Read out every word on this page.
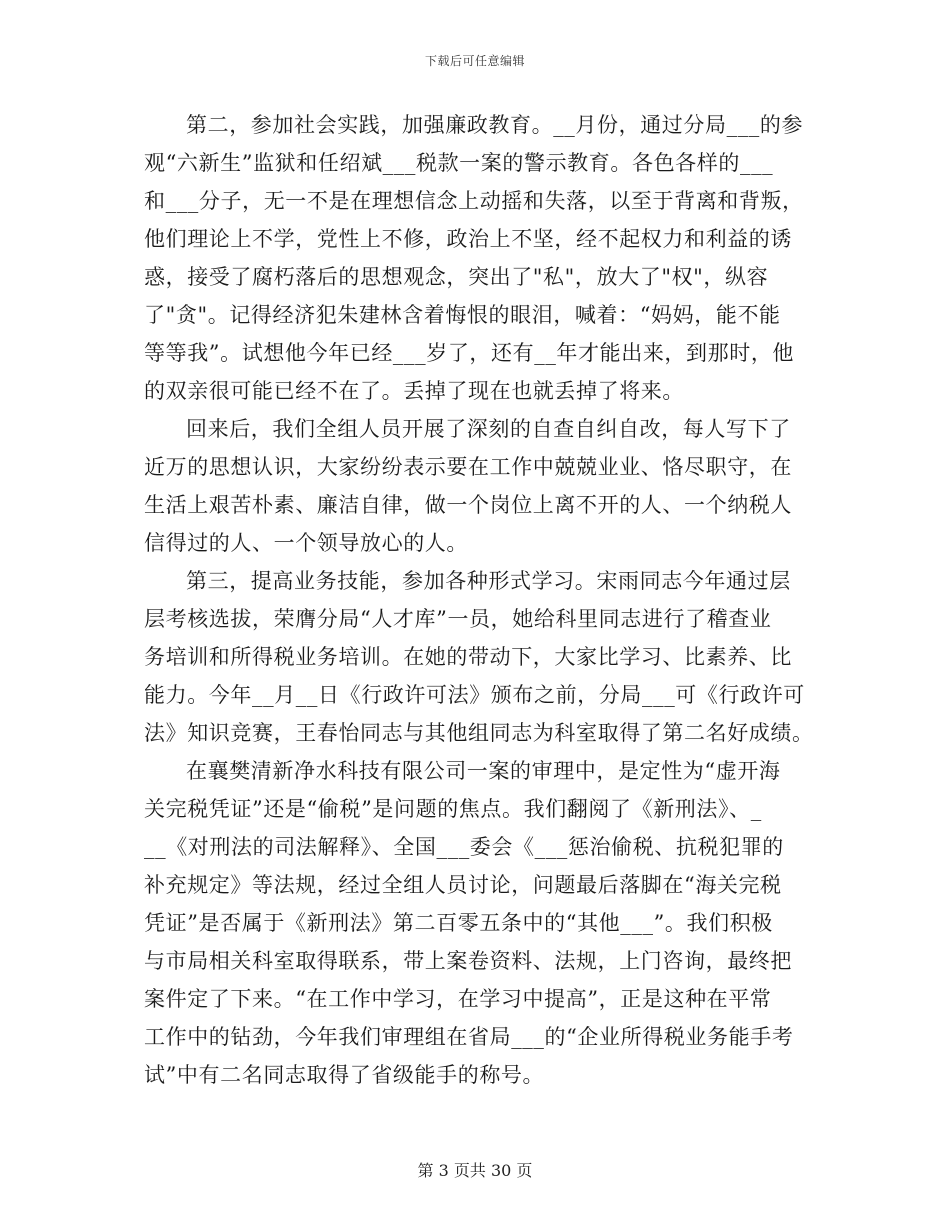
下载后可任意编辑
第二，参加社会实践，加强廉政教育。__月份，通过分局___的参
观“六新生”监狱和任绍斌___税款一案的警示教育。各色各样的___
和___分子，无一不是在理想信念上动摇和失落，以至于背离和背叛，
他们理论上不学，党性上不修，政治上不坚，经不起权力和利益的诱
惑，接受了腐朽落后的思想观念，突出了"私"，放大了"权"，纵容
了"贪"。记得经济犯朱建林含着悔恨的眼泪，喊着：“妈妈，能不能
等等我”。试想他今年已经___岁了，还有__年才能出来，到那时，他
的双亲很可能已经不在了。丢掉了现在也就丢掉了将来。
回来后，我们全组人员开展了深刻的自查自纠自改，每人写下了
近万的思想认识，大家纷纷表示要在工作中兢兢业业、恪尽职守，在
生活上艰苦朴素、廉洁自律，做一个岗位上离不开的人、一个纳税人
信得过的人、一个领导放心的人。
第三，提高业务技能，参加各种形式学习。宋雨同志今年通过层
层考核选拔，荣膺分局“人才库”一员，她给科里同志进行了稽查业
务培训和所得税业务培训。在她的带动下，大家比学习、比素养、比
能力。今年__月__日《行政许可法》颁布之前，分局___可《行政许可
法》知识竞赛，王春怡同志与其他组同志为科室取得了第二名好成绩。
在襄樊清新净水科技有限公司一案的审理中，是定性为“虚开海
关完税凭证”还是“偷税”是问题的焦点。我们翻阅了《新刑法》、_
__《对刑法的司法解释》、全国___委会《___惩治偷税、抗税犯罪的
补充规定》等法规，经过全组人员讨论，问题最后落脚在“海关完税
凭证”是否属于《新刑法》第二百零五条中的“其他___”。我们积极
与市局相关科室取得联系，带上案卷资料、法规，上门咨询，最终把
案件定了下来。“在工作中学习，在学习中提高”，正是这种在平常
工作中的钻劲，今年我们审理组在省局___的“企业所得税业务能手考
试”中有二名同志取得了省级能手的称号。
第 3 页共 30 页
